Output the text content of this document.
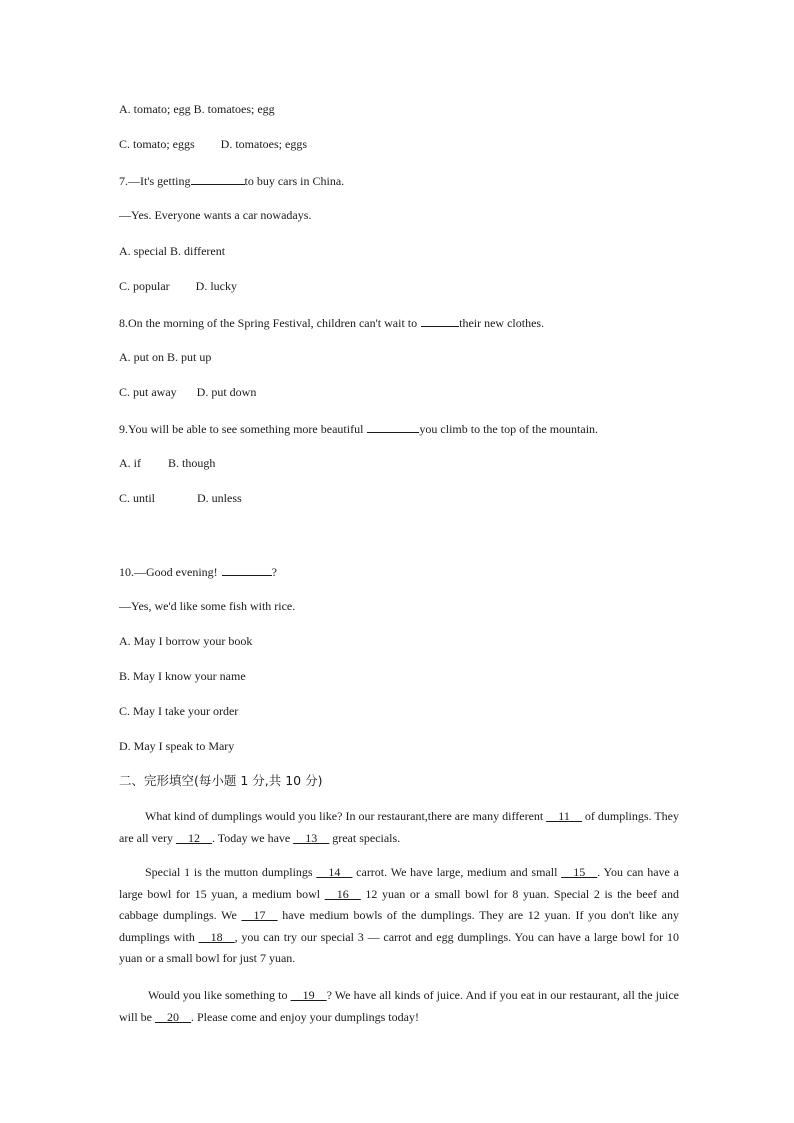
A. tomato; egg B. tomatoes; egg
C. tomato; eggs D. tomatoes; eggs
7.—It's getting	to buy cars in China.
—Yes. Everyone wants a car nowadays.
A. special B. different
C. popular D. lucky
8.On the morning of the Spring Festival, children can't wait to	their new clothes.
A. put on B. put up
C. put away D. put down
9.You will be able to see something more beautiful	you climb to the top of the mountain.
A. if B. though
C. until	D. unless
10.—Good evening!	?
—Yes, we'd like some fish with rice.
A. May I borrow your book
B. May I know your name
C. May I take your order
D. May I speak to Mary
二、完形填空(每小题 1 分,共 10 分)
What kind of dumplings would you like? In our restaurant,there are many different __11__ of dumplings. They are all very __12__. Today we have __13__ great specials.
Special 1 is the mutton dumplings __14__ carrot. We have large, medium and small __15__. You can have a large bowl for 15 yuan, a medium bowl __16__ 12 yuan or a small bowl for 8 yuan. Special 2 is the beef and cabbage dumplings. We __17__ have medium bowls of the dumplings. They are 12 yuan. If you don't like any dumplings with __18__, you can try our special 3 — carrot and egg dumplings. You can have a large bowl for 10 yuan or a small bowl for just 7 yuan.
Would you like something to __19__? We have all kinds of juice. And if you eat in our restaurant, all the juice will be __20__. Please come and enjoy your dumplings today!
